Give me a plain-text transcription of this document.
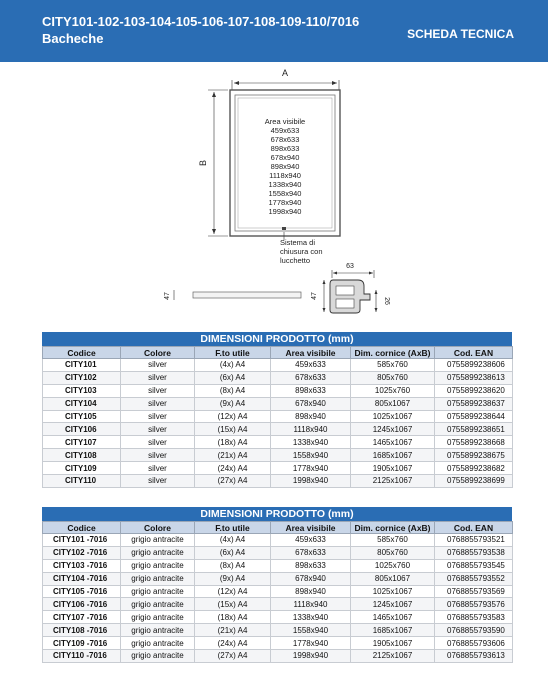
CITY101-102-103-104-105-106-107-108-109-110/7016
Bacheche	SCHEDA TECNICA
A
B
Area visibile
459x633
678x633
898x633
678x940
898x940
1118x940
1338x940
1558x940
1778x940
1998x940
Sistema di
chiusura con
lucchetto
47
63
47
26
DIMENSIONI PRODOTTO (mm)
Codice	Colore	F.to utile	Area visibile	Dim. cornice (AxB)	Cod. EAN
CITY101	silver	(4x) A4	459x633	585x760	0755899238606
CITY102	silver	(6x) A4	678x633	805x760	0755899238613
CITY103	silver	(8x) A4	898x633	1025x760	0755899238620
CITY104	silver	(9x) A4	678x940	805x1067	0755899238637
CITY105	silver	(12x) A4	898x940	1025x1067	0755899238644
CITY106	silver	(15x) A4	1118x940	1245x1067	0755899238651
CITY107	silver	(18x) A4	1338x940	1465x1067	0755899238668
CITY108	silver	(21x) A4	1558x940	1685x1067	0755899238675
CITY109	silver	(24x) A4	1778x940	1905x1067	0755899238682
CITY110	silver	(27x) A4	1998x940	2125x1067	0755899238699
DIMENSIONI PRODOTTO (mm)
Codice	Colore	F.to utile	Area visibile	Dim. cornice (AxB)	Cod. EAN
CITY101 -7016	grigio antracite	(4x) A4	459x633	585x760	0768855793521
CITY102 -7016	grigio antracite	(6x) A4	678x633	805x760	0768855793538
CITY103 -7016	grigio antracite	(8x) A4	898x633	1025x760	0768855793545
CITY104 -7016	grigio antracite	(9x) A4	678x940	805x1067	0768855793552
CITY105 -7016	grigio antracite	(12x) A4	898x940	1025x1067	0768855793569
CITY106 -7016	grigio antracite	(15x) A4	1118x940	1245x1067	0768855793576
CITY107 -7016	grigio antracite	(18x) A4	1338x940	1465x1067	0768855793583
CITY108 -7016	grigio antracite	(21x) A4	1558x940	1685x1067	0768855793590
CITY109 -7016	grigio antracite	(24x) A4	1778x940	1905x1067	0768855793606
CITY110 -7016	grigio antracite	(27x) A4	1998x940	2125x1067	0768855793613
